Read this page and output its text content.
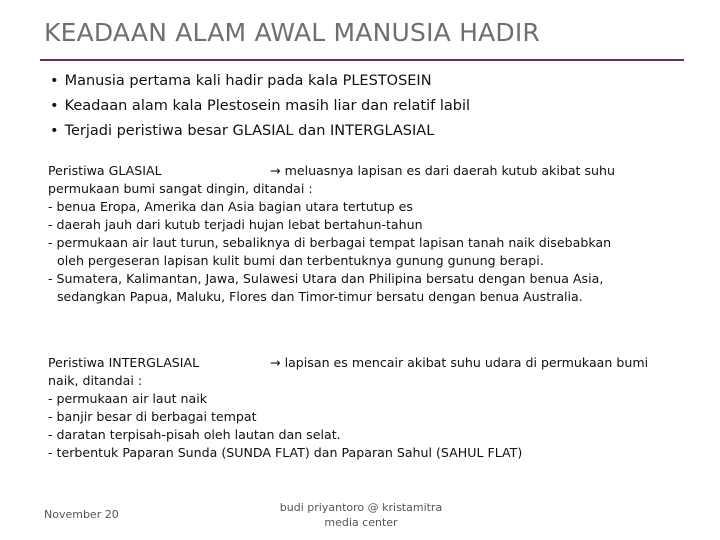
KEADAAN ALAM AWAL MANUSIA HADIR
• Manusia pertama kali hadir pada kala PLESTOSEIN
• Keadaan alam kala Plestosein masih liar dan relatif labil
• Terjadi peristiwa besar GLASIAL dan INTERGLASIAL
Peristiwa GLASIAL	→ meluasnya lapisan es dari daerah kutub akibat suhu
permukaan bumi sangat dingin, ditandai :
- benua Eropa, Amerika dan Asia bagian utara tertutup es
- daerah jauh dari kutub terjadi hujan lebat bertahun-tahun
- permukaan air laut turun, sebaliknya di berbagai tempat lapisan tanah naik disebabkan
oleh pergeseran lapisan kulit bumi dan terbentuknya gunung gunung berapi.
- Sumatera, Kalimantan, Jawa, Sulawesi Utara dan Philipina bersatu dengan benua Asia,
sedangkan Papua, Maluku, Flores dan Timor-timur bersatu dengan benua Australia.
Peristiwa INTERGLASIAL	→ lapisan es mencair akibat suhu udara di permukaan bumi
naik, ditandai :
- permukaan air laut naik
- banjir besar di berbagai tempat
- daratan terpisah-pisah oleh lautan dan selat.
- terbentuk Paparan Sunda (SUNDA FLAT) dan Paparan Sahul (SAHUL FLAT)
November 20
budi priyantoro @ kristamitra media center
